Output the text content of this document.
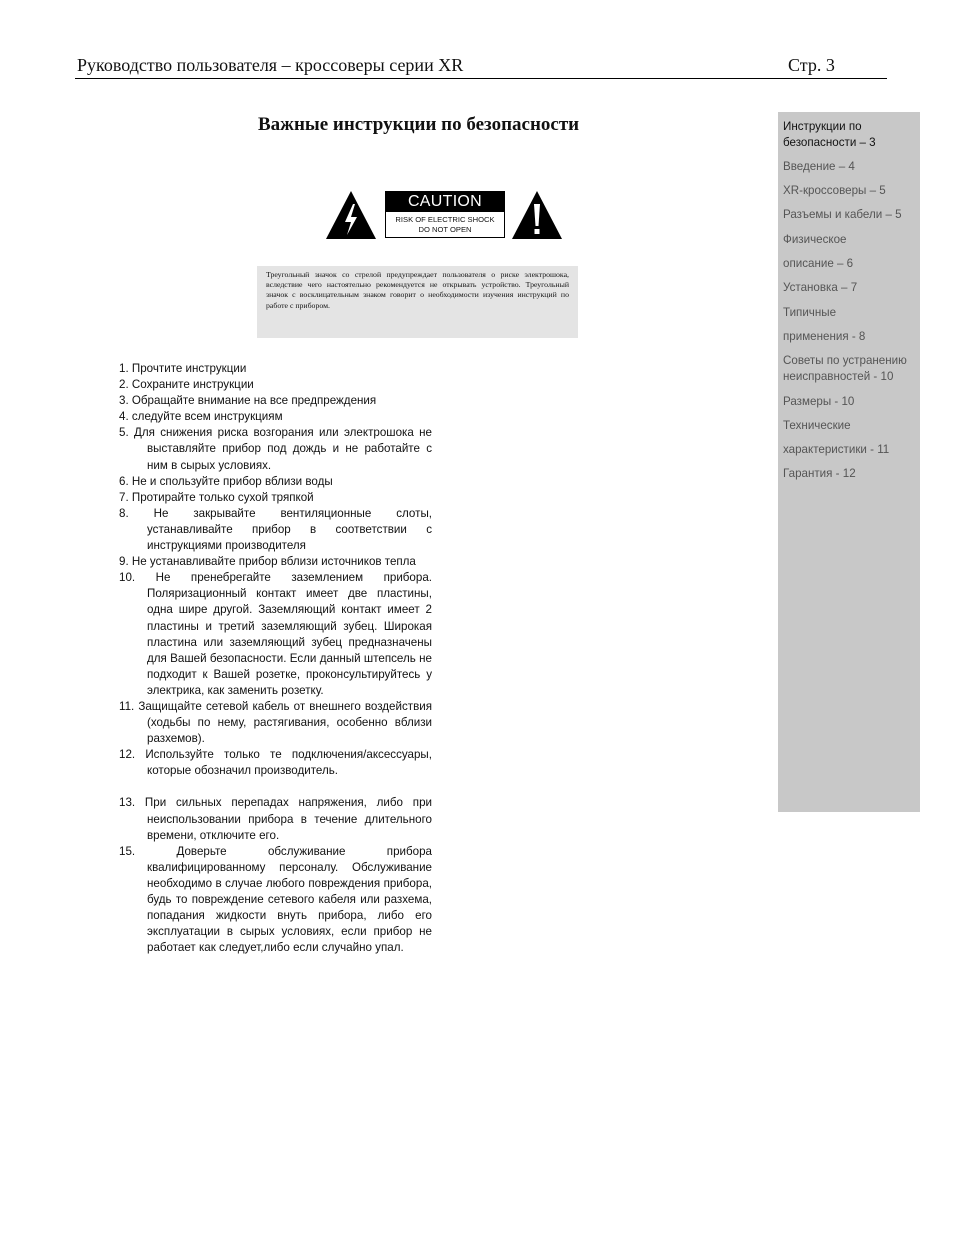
Руководство пользователя – кроссоверы серии XR	Стр. 3
Важные инструкции по безопасности
CAUTION
RISK OF ELECTRIC SHOCK
DO NOT OPEN
Треугольный значок со стрелой предупреждает пользователя о риске электрошока, вследствие чего настоятельно рекомендуется не открывать устройство. Треугольный значок с восклицательным знаком говорит о необходимости изучения инструкций по работе с прибором.
1. Прочтите инструкции
2. Сохраните инструкции
3. Обращайте внимание на все предпреждения
4. следуйте всем инструкциям
5. Для снижения риска возгорания или электрошока не выставляйте прибор под дождь и не работайте с ним в сырых условиях.
6. Не и спользуйте прибор вблизи воды
7. Протирайте только сухой тряпкой
8. Не закрывайте вентиляционные слоты, устанавливайте прибор в соответствии с инструкциями производителя
9. Не устанавливайте прибор вблизи источников тепла
10. Не пренебрегайте заземлением прибора. Поляризационный контакт имеет две пластины, одна шире другой. Заземляющий контакт имеет 2 пластины и третий заземляющий зубец. Широкая пластина или заземляющий зубец предназначены для Вашей безопасности. Если данный штепсель не подходит к Вашей розетке, проконсультируйтесь у электрика, как заменить розетку.
11. Защищайте сетевой кабель от внешнего воздействия (ходьбы по нему, растягивания, особенно вблизи разхемов).
12. Используйте только те подключения/аксессуары, которые обозначил производитель.
13. При сильных перепадах напряжения, либо при неиспользовании прибора в течение длительного времени, отключите его.
15. Доверьте обслуживание прибора квалифицированному персоналу. Обслуживание необходимо в случае любого повреждения прибора, будь то повреждение сетевого кабеля или разхема, попадания жидкости внуть прибора, либо его эксплуатации в сырых условиях, если прибор не работает как следует,либо если случайно упал.
Инструкции по безопасности – 3
Введение – 4
XR-кроссоверы – 5
Разъемы и кабели – 5
Физическое
описание – 6
Установка – 7
Типичные
применения - 8
Советы по устранению неисправностей - 10
Размеры - 10
Технические
характеристики - 11
Гарантия - 12
